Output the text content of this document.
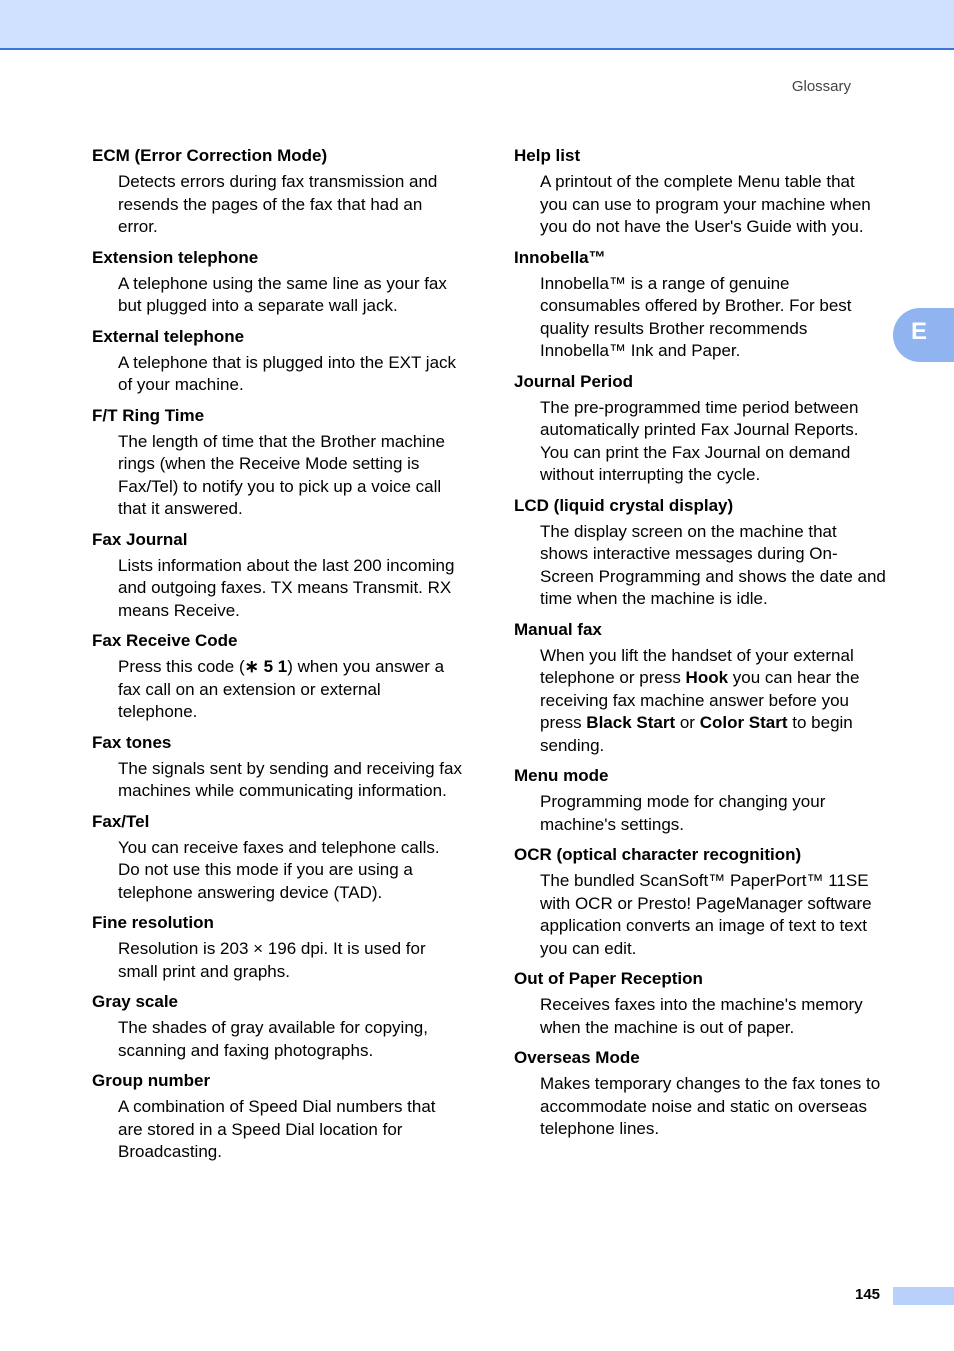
Glossary
E
ECM (Error Correction Mode)
Detects errors during fax transmission and resends the pages of the fax that had an error.
Extension telephone
A telephone using the same line as your fax but plugged into a separate wall jack.
External telephone
A telephone that is plugged into the EXT jack of your machine.
F/T Ring Time
The length of time that the Brother machine rings (when the Receive Mode setting is Fax/Tel) to notify you to pick up a voice call that it answered.
Fax Journal
Lists information about the last 200 incoming and outgoing faxes. TX means Transmit. RX means Receive.
Fax Receive Code
Press this code (∗ 5 1) when you answer a fax call on an extension or external telephone.
Fax tones
The signals sent by sending and receiving fax machines while communicating information.
Fax/Tel
You can receive faxes and telephone calls. Do not use this mode if you are using a telephone answering device (TAD).
Fine resolution
Resolution is 203 × 196 dpi. It is used for small print and graphs.
Gray scale
The shades of gray available for copying, scanning and faxing photographs.
Group number
A combination of Speed Dial numbers that are stored in a Speed Dial location for Broadcasting.
Help list
A printout of the complete Menu table that you can use to program your machine when you do not have the User's Guide with you.
Innobella™
Innobella™ is a range of genuine consumables offered by Brother. For best quality results Brother recommends Innobella™ Ink and Paper.
Journal Period
The pre-programmed time period between automatically printed Fax Journal Reports. You can print the Fax Journal on demand without interrupting the cycle.
LCD (liquid crystal display)
The display screen on the machine that shows interactive messages during On-Screen Programming and shows the date and time when the machine is idle.
Manual fax
When you lift the handset of your external telephone or press Hook you can hear the receiving fax machine answer before you press Black Start or Color Start to begin sending.
Menu mode
Programming mode for changing your machine's settings.
OCR (optical character recognition)
The bundled ScanSoft™ PaperPort™ 11SE with OCR or Presto! PageManager software application converts an image of text to text you can edit.
Out of Paper Reception
Receives faxes into the machine's memory when the machine is out of paper.
Overseas Mode
Makes temporary changes to the fax tones to accommodate noise and static on overseas telephone lines.
145
